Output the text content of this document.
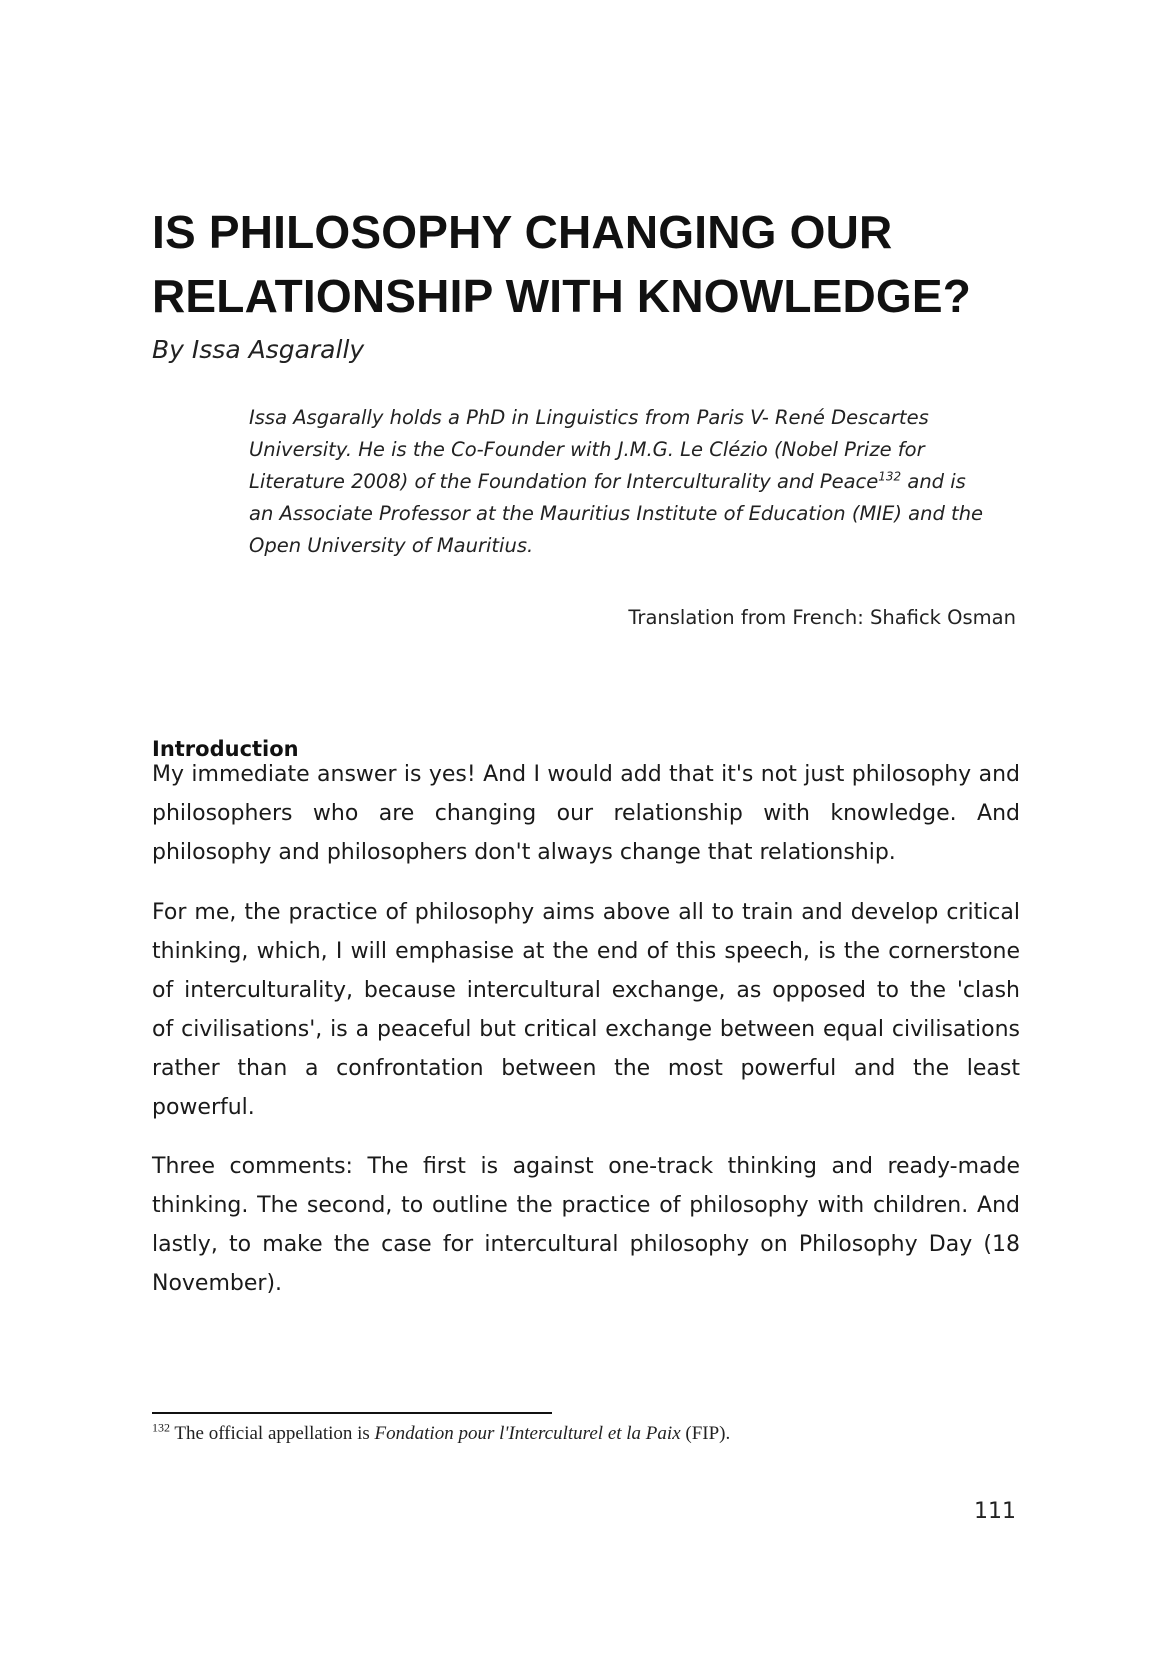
IS PHILOSOPHY CHANGING OUR
RELATIONSHIP WITH KNOWLEDGE?
By Issa Asgarally
Issa Asgarally holds a PhD in Linguistics from Paris V- René Descartes
University. He is the Co-Founder with J.M.G. Le Clézio (Nobel Prize for
Literature 2008) of the Foundation for Interculturality and Peace$^{132}$ and is
an Associate Professor at the Mauritius Institute of Education (MIE) and the
Open University of Mauritius.
Translation from French: Shafick Osman
Introduction
My immediate answer is yes! And I would add that it's not just philosophy and
philosophers who are changing our relationship with knowledge. And
philosophy and philosophers don't always change that relationship.
For me, the practice of philosophy aims above all to train and develop critical
thinking, which, I will emphasise at the end of this speech, is the cornerstone
of interculturality, because intercultural exchange, as opposed to the 'clash
of civilisations', is a peaceful but critical exchange between equal civilisations
rather than a confrontation between the most powerful and the least
powerful.
Three comments: The first is against one-track thinking and ready-made
thinking. The second, to outline the practice of philosophy with children. And
lastly, to make the case for intercultural philosophy on Philosophy Day (18
November).
$^{132}$ The official appellation is Fondation pour l'Interculturel et la Paix (FIP).
111
